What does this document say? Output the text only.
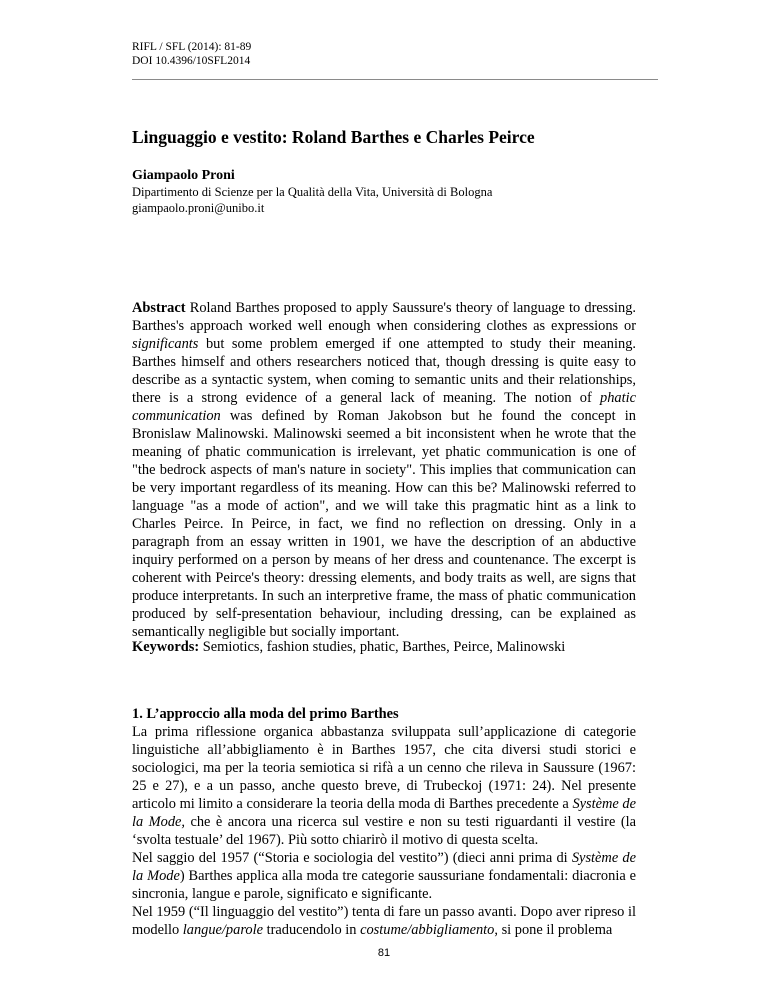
RIFL / SFL (2014): 81-89
DOI 10.4396/10SFL2014
Linguaggio e vestito: Roland Barthes e Charles Peirce
Giampaolo Proni
Dipartimento di Scienze per la Qualità della Vita, Università di Bologna
giampaolo.proni@unibo.it

Abstract Roland Barthes proposed to apply Saussure's theory of language to dressing. Barthes's approach worked well enough when considering clothes as expressions or significants but some problem emerged if one attempted to study their meaning. Barthes himself and others researchers noticed that, though dressing is quite easy to describe as a syntactic system, when coming to semantic units and their relationships, there is a strong evidence of a general lack of meaning. The notion of phatic communication was defined by Roman Jakobson but he found the concept in Bronislaw Malinowski. Malinowski seemed a bit inconsistent when he wrote that the meaning of phatic communication is irrelevant, yet phatic communication is one of "the bedrock aspects of man's nature in society". This implies that communication can be very important regardless of its meaning. How can this be? Malinowski referred to language "as a mode of action", and we will take this pragmatic hint as a link to Charles Peirce. In Peirce, in fact, we find no reflection on dressing. Only in a paragraph from an essay written in 1901, we have the description of an abductive inquiry performed on a person by means of her dress and countenance. The excerpt is coherent with Peirce's theory: dressing elements, and body traits as well, are signs that produce interpretants. In such an interpretive frame, the mass of phatic communication produced by self-presentation behaviour, including dressing, can be explained as semantically negligible but socially important.

Keywords: Semiotics, fashion studies, phatic, Barthes, Peirce, Malinowski

1. L’approccio alla moda del primo Barthes

La prima riflessione organica abbastanza sviluppata sull’applicazione di categorie linguistiche all’abbigliamento è in Barthes 1957, che cita diversi studi storici e sociologici, ma per la teoria semiotica si rifà a un cenno che rileva in Saussure (1967: 25 e 27), e a un passo, anche questo breve, di Trubeckoj (1971: 24). Nel presente articolo mi limito a considerare la teoria della moda di Barthes precedente a Système de la Mode, che è ancora una ricerca sul vestire e non su testi riguardanti il vestire (la ‘svolta testuale’ del 1967). Più sotto chiarirò il motivo di questa scelta.

Nel saggio del 1957 (“Storia e sociologia del vestito”) (dieci anni prima di Système de la Mode) Barthes applica alla moda tre categorie saussuriane fondamentali: diacronia e sincronia, langue e parole, significato e significante.

Nel 1959 (“Il linguaggio del vestito”) tenta di fare un passo avanti. Dopo aver ripreso il modello langue/parole traducendolo in costume/abbigliamento, si pone il problema

81
